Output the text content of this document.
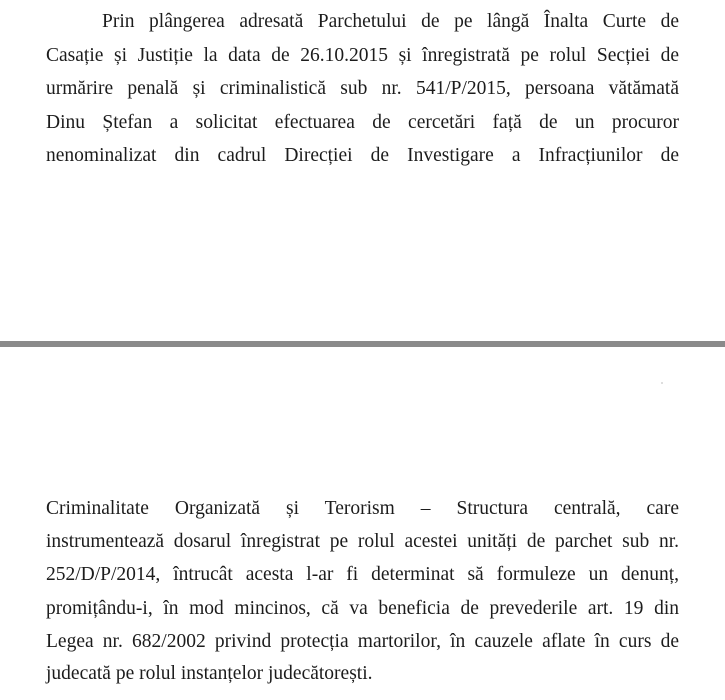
Prin plângerea adresată Parchetului de pe lângă Înalta Curte de
Casație și Justiție la data de 26.10.2015 și înregistrată pe rolul Secției de
urmărire penală și criminalistică sub nr. 541/P/2015, persoana vătămată
Dinu Ștefan a solicitat efectuarea de cercetări față de un procuror
nenominalizat din cadrul Direcției de Investigare a Infracțiunilor de
Criminalitate Organizată și Terorism – Structura centrală, care
instrumentează dosarul înregistrat pe rolul acestei unități de parchet sub nr.
252/D/P/2014, întrucât acesta l-ar fi determinat să formuleze un denunț,
promițându-i, în mod mincinos, că va beneficia de prevederile art. 19 din
Legea nr. 682/2002 privind protecția martorilor, în cauzele aflate în curs de
judecată pe rolul instanțelor judecătorești.
